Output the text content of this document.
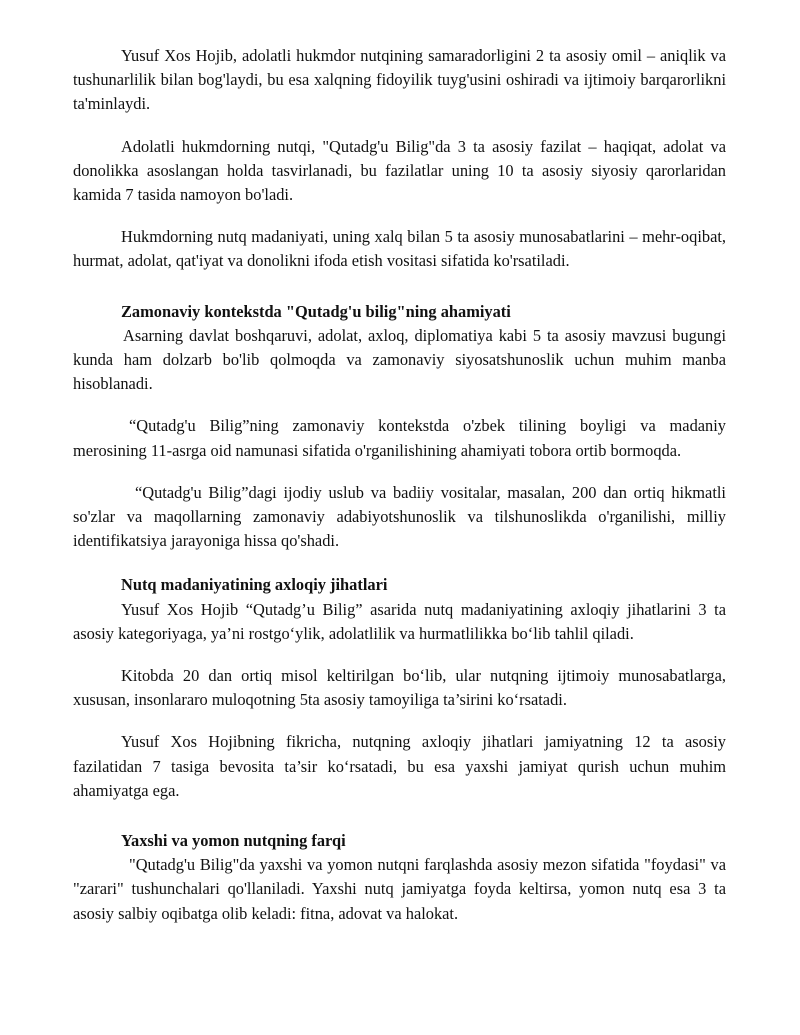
Yusuf Xos Hojib, adolatli hukmdor nutqining samaradorligini 2 ta asosiy omil – aniqlik va tushunarlilik bilan bog'laydi, bu esa xalqning fidoyilik tuyg'usini oshiradi va ijtimoiy barqarorlikni ta'minlaydi.

Adolatli hukmdorning nutqi, "Qutadg'u Bilig"da 3 ta asosiy fazilat – haqiqat, adolat va donolikka asoslangan holda tasvirlanadi, bu fazilatlar uning 10 ta asosiy siyosiy qarorlaridan kamida 7 tasida namoyon bo'ladi.

Hukmdorning nutq madaniyati, uning xalq bilan 5 ta asosiy munosabatlarini – mehr-oqibat, hurmat, adolat, qat'iyat va donolikni ifoda etish vositasi sifatida ko'rsatiladi.

Zamonaviy kontekstda "Qutadg'u bilig"ning ahamiyati

Asarning davlat boshqaruvi, adolat, axloq, diplomatiya kabi 5 ta asosiy mavzusi bugungi kunda ham dolzarb bo'lib qolmoqda va zamonaviy siyosatshunoslik uchun muhim manba hisoblanadi.

“Qutadg'u Bilig”ning zamonaviy kontekstda o'zbek tilining boyligi va madaniy merosining 11-asrga oid namunasi sifatida o'rganilishining ahamiyati tobora ortib bormoqda.

“Qutadg'u Bilig”dagi ijodiy uslub va badiiy vositalar, masalan, 200 dan ortiq hikmatli so'zlar va maqollarning zamonaviy adabiyotshunoslik va tilshunoslikda o'rganilishi, milliy identifikatsiya jarayoniga hissa qo'shadi.

Nutq madaniyatining axloqiy jihatlari

Yusuf Xos Hojib “Qutadg’u Bilig” asarida nutq madaniyatining axloqiy jihatlarini 3 ta asosiy kategoriyaga, ya’ni rostgo‘ylik, adolatlilik va hurmatlilikka bo‘lib tahlil qiladi.

Kitobda 20 dan ortiq misol keltirilgan bo‘lib, ular nutqning ijtimoiy munosabatlarga, xususan, insonlararo muloqotning 5ta asosiy tamoyiliga ta’sirini ko‘rsatadi.

Yusuf Xos Hojibning fikricha, nutqning axloqiy jihatlari jamiyatning 12 ta asosiy fazilatidan 7 tasiga bevosita ta’sir ko‘rsatadi, bu esa yaxshi jamiyat qurish uchun muhim ahamiyatga ega.

Yaxshi va yomon nutqning farqi

"Qutadg'u Bilig"da yaxshi va yomon nutqni farqlashda asosiy mezon sifatida "foydasi" va "zarari" tushunchalari qo'llaniladi. Yaxshi nutq jamiyatga foyda keltirsa, yomon nutq esa 3 ta asosiy salbiy oqibatga olib keladi: fitna, adovat va halokat.
